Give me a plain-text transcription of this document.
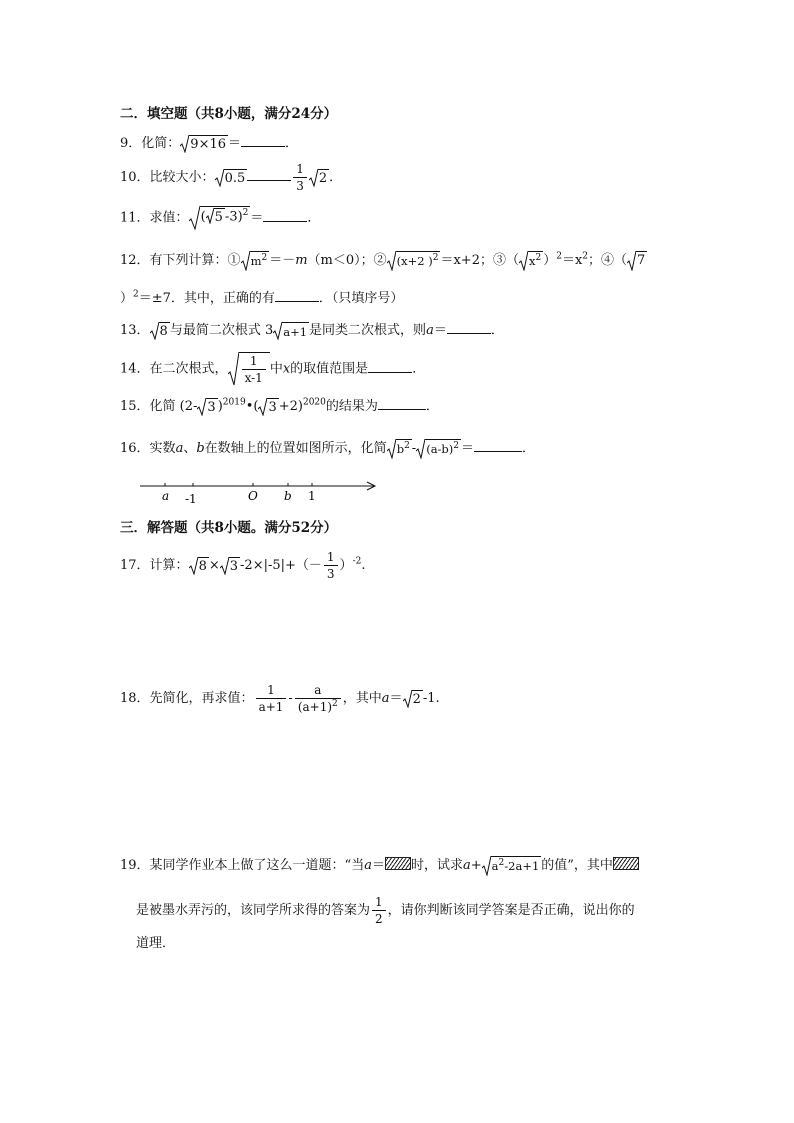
二．填空题（共8小题，满分24分）
9．化简： 9×16 ＝	．
10．比较大小： 0.5	$\frac{1}{3} 2$ ．
11．求值： ( 5 -3)$^2$ ＝	．
12．有下列计算：① $m^2 =-m(m<0)$；② (x+2 )$^2$ ＝x+2；③（ $x^2$ ）$^2=x^2$；④（ 7
）$^2$＝±7．其中，正确的有	．（只填序号）
13． 8 与最简二次根式 3 a+1 是同类二次根式，则a＝	．
14．在二次根式， $\frac{1}{x-1}$ 中x的取值范围是	．
15．化简 (2- 3 )$^{2019}$•( 3 +2)$^{2020}$的结果为	．
16．实数a、b在数轴上的位置如图所示，化简 $b^2 - (a-b)^2$ ＝	．
a -1	O b 1
三．解答题（共8小题。满分52分）
17．计算： 8 × 3 $-2\times|-5|+(- \frac{1}{3} )^{-2}$.
18．先简化，再求值： $\frac{1}{a+1} - \frac{a}{(a+1)^2}$ ，其中a＝ 2 -1.
19．某同学作业本上做了这么一道题：“当a＝ 时，试求$a+ a^2-2a+1$ 的值”，其中
是被墨水弄污的，该同学所求得的答案为 $\frac{1}{2}$ ，请你判断该同学答案是否正确，说出你的
道理．
